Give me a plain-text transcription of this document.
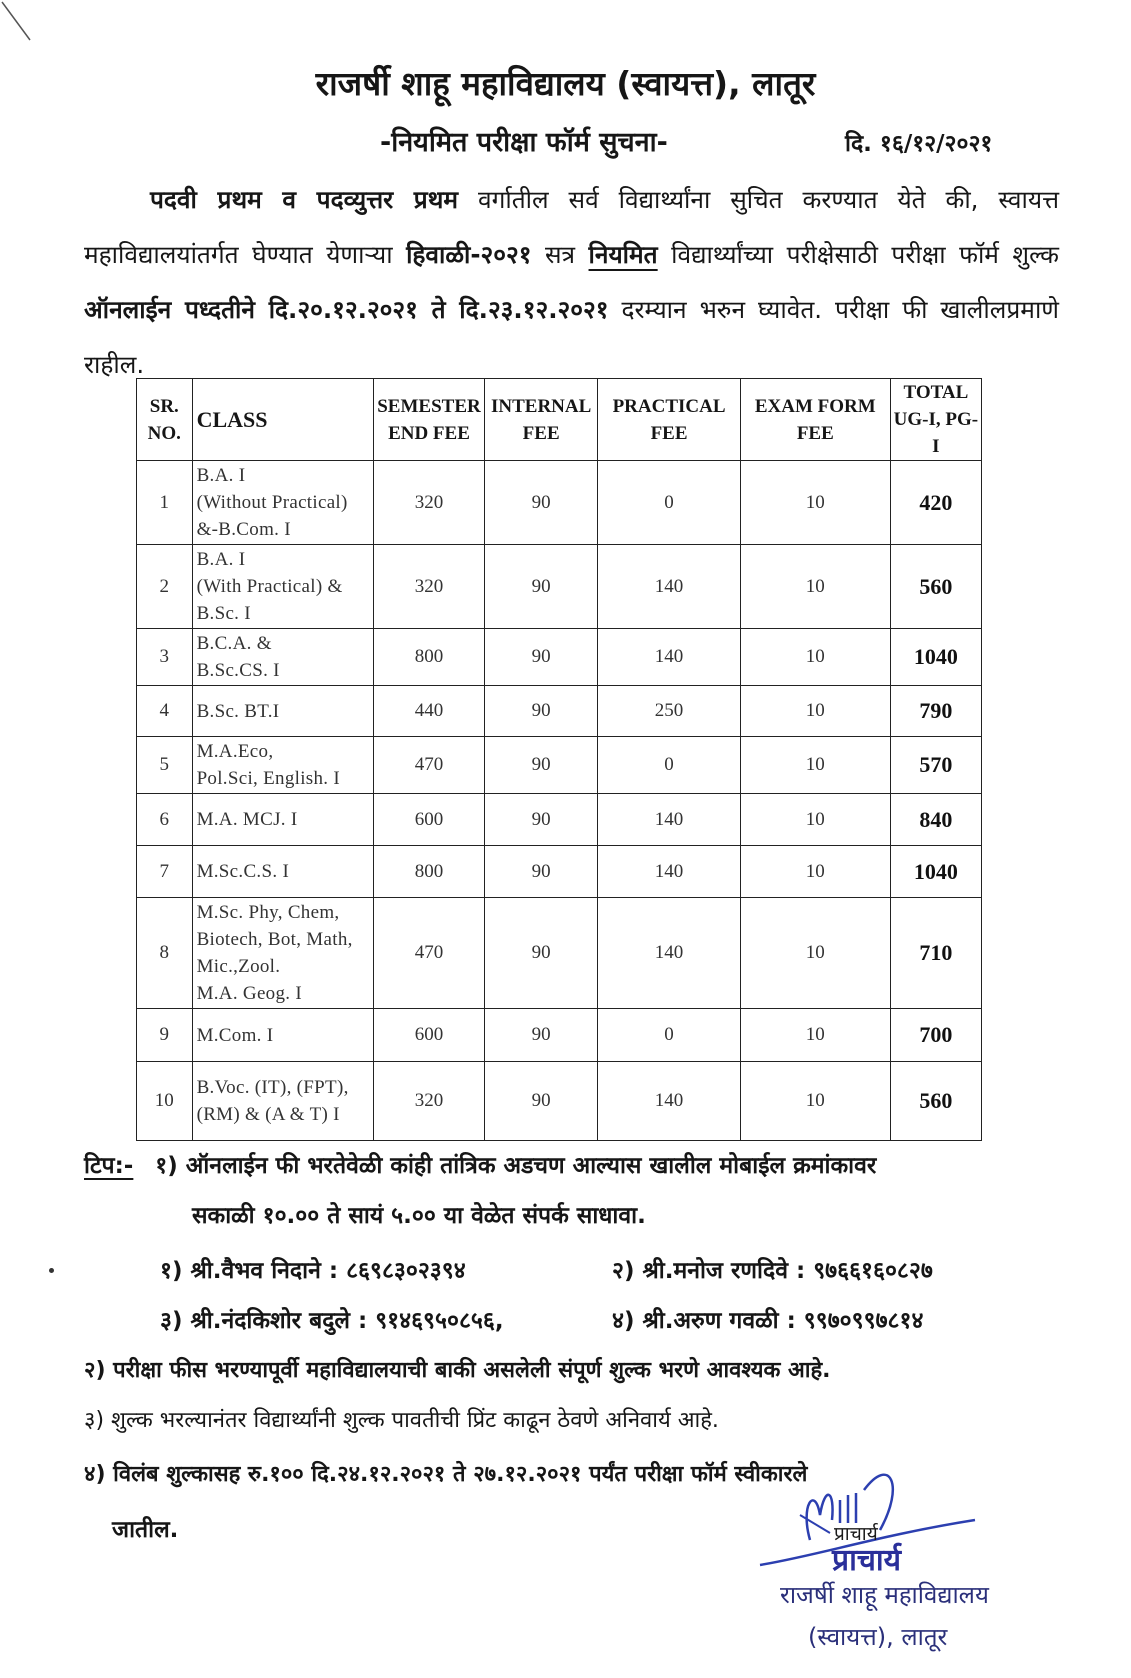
राजर्षी शाहू महाविद्यालय (स्वायत्त), लातूर
-नियमित परीक्षा फॉर्म सुचना-	दि. १६/१२/२०२१
पदवी प्रथम व पदव्युत्तर प्रथम वर्गातील सर्व विद्यार्थ्यांना सुचित करण्यात येते की, स्वायत्त महाविद्यालयांतर्गत घेण्यात येणाऱ्या हिवाळी-२०२१ सत्र नियमित विद्यार्थ्यांच्या परीक्षेसाठी परीक्षा फॉर्म शुल्क ऑनलाईन पध्दतीने दि.२०.१२.२०२१ ते दि.२३.१२.२०२१ दरम्यान भरुन घ्यावेत. परीक्षा फी खालीलप्रमाणे राहील.
SR. NO.	CLASS	SEMESTER END FEE	INTERNAL FEE	PRACTICAL FEE	EXAM FORM FEE	TOTAL UG-I, PG-I
1	B.A. I
(Without Practical)
&-B.Com. I	320	90	0	10	420
2	B.A. I
(With Practical) &
B.Sc. I	320	90	140	10	560
3	B.C.A. &
B.Sc.CS. I	800	90	140	10	1040
4	B.Sc. BT.I	440	90	250	10	790
5	M.A.Eco,
Pol.Sci, English. I	470	90	0	10	570
6	M.A. MCJ. I	600	90	140	10	840
7	M.Sc.C.S. I	800	90	140	10	1040
8	M.Sc. Phy, Chem,
Biotech, Bot, Math,
Mic.,Zool.
M.A. Geog. I	470	90	140	10	710
9	M.Com. I	600	90	0	10	700
10	B.Voc. (IT), (FPT),
(RM) & (A & T) I	320	90	140	10	560
टिप:- १) ऑनलाईन फी भरतेवेळी कांही तांत्रिक अडचण आल्यास खालील मोबाईल क्रमांकावर
सकाळी १०.०० ते सायं ५.०० या वेळेत संपर्क साधावा.
१) श्री.वैभव निदाने : ८६९८३०२३९४	२) श्री.मनोज रणदिवे : ९७६६१६०८२७
३) श्री.नंदकिशोर बदुले : ९१४६९५०८५६,	४) श्री.अरुण गवळी : ९९७०९९७८१४
२) परीक्षा फीस भरण्यापूर्वी महाविद्यालयाची बाकी असलेली संपूर्ण शुल्क भरणे आवश्यक आहे.
३) शुल्क भरल्यानंतर विद्यार्थ्यांनी शुल्क पावतीची प्रिंट काढून ठेवणे अनिवार्य आहे.
४) विलंब शुल्कासह रु.१०० दि.२४.१२.२०२१ ते २७.१२.२०२१ पर्यंत परीक्षा फॉर्म स्वीकारले
जातील.	प्राचार्य
प्राचार्य
राजर्षी शाहू महाविद्यालय
(स्वायत्त), लातूर
